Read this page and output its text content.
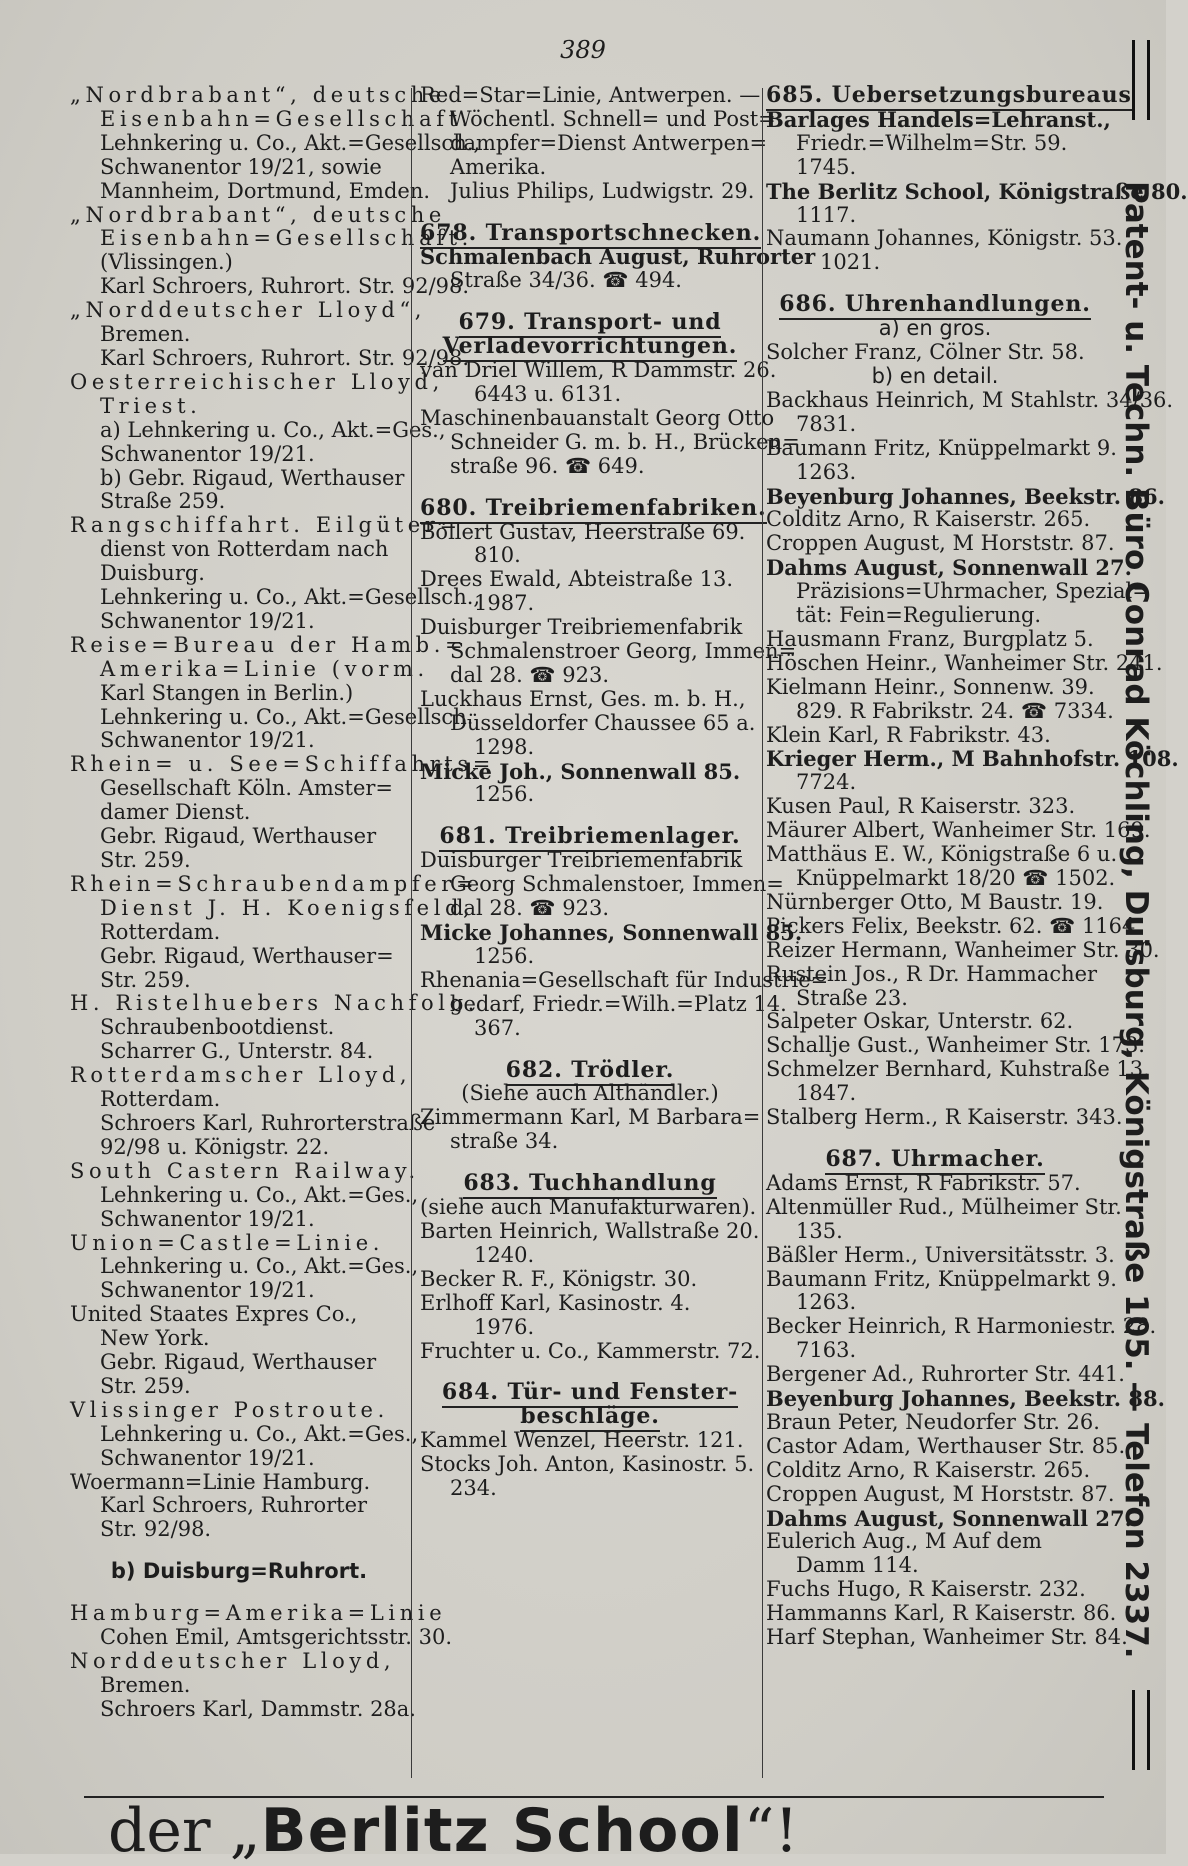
389
„Nordbrabant“, deutsche
Eisenbahn=Gesellschaft.
Lehnkering u. Co., Akt.=Gesellsch.,
Schwanentor 19/21, sowie
Mannheim, Dortmund, Emden.
„Nordbrabant“, deutsche
Eisenbahn=Gesellschaft.
(Vlissingen.)
Karl Schroers, Ruhrort. Str. 92/98.
„Norddeutscher Lloyd“,
Bremen.
Karl Schroers, Ruhrort. Str. 92/98.
Oesterreichischer Lloyd,
Triest.
a) Lehnkering u. Co., Akt.=Ges.,
Schwanentor 19/21.
b) Gebr. Rigaud, Werthauser
Straße 259.
Rangschiffahrt. Eilgüter=
dienst von Rotterdam nach
Duisburg.
Lehnkering u. Co., Akt.=Gesellsch.,
Schwanentor 19/21.
Reise=Bureau der Hamb.=
Amerika=Linie (vorm.
Karl Stangen in Berlin.)
Lehnkering u. Co., Akt.=Gesellsch.
Schwanentor 19/21.
Rhein= u. See=Schiffahrts=
Gesellschaft Köln. Amster=
damer Dienst.
Gebr. Rigaud, Werthauser
Str. 259.
Rhein=Schraubendampfer=
Dienst J. H. Koenigsfeld,
Rotterdam.
Gebr. Rigaud, Werthauser=
Str. 259.
H. Ristelhuebers Nachfolg.
Schraubenbootdienst.
Scharrer G., Unterstr. 84.
Rotterdamscher Lloyd,
Rotterdam.
Schroers Karl, Ruhrorterstraße
92/98 u. Königstr. 22.
South Castern Railway.
Lehnkering u. Co., Akt.=Ges.,
Schwanentor 19/21.
Union=Castle=Linie.
Lehnkering u. Co., Akt.=Ges.,
Schwanentor 19/21.
United Staates Expres Co.,
New York.
Gebr. Rigaud, Werthauser
Str. 259.
Vlissinger Postroute.
Lehnkering u. Co., Akt.=Ges.,
Schwanentor 19/21.
Woermann=Linie Hamburg.
Karl Schroers, Ruhrorter
Str. 92/98.
b) Duisburg=Ruhrort.
Hamburg=Amerika=Linie
Cohen Emil, Amtsgerichtsstr. 30.
Norddeutscher Lloyd,
Bremen.
Schroers Karl, Dammstr. 28a.
Red=Star=Linie, Antwerpen. —
Wöchentl. Schnell= und Post=
dampfer=Dienst Antwerpen=
Amerika.
Julius Philips, Ludwigstr. 29.
678. Transportschnecken.
Schmalenbach August, Ruhrorter
Straße 34/36. ☎ 494.
679. Transport- und
Verladevorrichtungen.
van Driel Willem, R Dammstr. 26.
6443 u. 6131.
Maschinenbauanstalt Georg Otto
Schneider G. m. b. H., Brücken=
straße 96. ☎ 649.
680. Treibriemenfabriken.
Böllert Gustav, Heerstraße 69.
810.
Drees Ewald, Abteistraße 13.
1987.
Duisburger Treibriemenfabrik
Schmalenstroer Georg, Immen=
dal 28. ☎ 923.
Luckhaus Ernst, Ges. m. b. H.,
Düsseldorfer Chaussee 65 a.
1298.
Micke Joh., Sonnenwall 85.
1256.
681. Treibriemenlager.
Duisburger Treibriemenfabrik
Georg Schmalenstoer, Immen=
dal 28. ☎ 923.
Micke Johannes, Sonnenwall 85.
1256.
Rhenania=Gesellschaft für Industrie=
bedarf, Friedr.=Wilh.=Platz 14.
367.
682. Trödler.
(Siehe auch Althändler.)
Zimmermann Karl, M Barbara=
straße 34.
683. Tuchhandlung
(siehe auch Manufakturwaren).
Barten Heinrich, Wallstraße 20.
1240.
Becker R. F., Königstr. 30.
Erlhoff Karl, Kasinostr. 4.
1976.
Fruchter u. Co., Kammerstr. 72.
684. Tür- und Fenster-
beschläge.
Kammel Wenzel, Heerstr. 121.
Stocks Joh. Anton, Kasinostr. 5.
234.
685. Uebersetzungsbureaus
Barlages Handels=Lehranst.,
Friedr.=Wilhelm=Str. 59.
1745.
The Berlitz School, Königstraße 80.
1117.
Naumann Johannes, Königstr. 53.
1021.
686. Uhrenhandlungen.
a) en gros.
Solcher Franz, Cölner Str. 58.
b) en detail.
Backhaus Heinrich, M Stahlstr. 34/36.
7831.
Baumann Fritz, Knüppelmarkt 9.
1263.
Beyenburg Johannes, Beekstr. 86.
Colditz Arno, R Kaiserstr. 265.
Croppen August, M Horststr. 87.
Dahms August, Sonnenwall 27.
Präzisions=Uhrmacher, Spezial=
tät: Fein=Regulierung.
Hausmann Franz, Burgplatz 5.
Höschen Heinr., Wanheimer Str. 241.
Kielmann Heinr., Sonnenw. 39.
829. R Fabrikstr. 24. ☎ 7334.
Klein Karl, R Fabrikstr. 43.
Krieger Herm., M Bahnhofstr. 108.
7724.
Kusen Paul, R Kaiserstr. 323.
Mäurer Albert, Wanheimer Str. 169.
Matthäus E. W., Königstraße 6 u.
Knüppelmarkt 18/20 ☎ 1502.
Nürnberger Otto, M Baustr. 19.
Pickers Felix, Beekstr. 62. ☎ 1164.
Reizer Hermann, Wanheimer Str. 30.
Rustein Jos., R Dr. Hammacher
Straße 23.
Salpeter Oskar, Unterstr. 62.
Schallje Gust., Wanheimer Str. 173.
Schmelzer Bernhard, Kuhstraße 13.
1847.
Stalberg Herm., R Kaiserstr. 343.
687. Uhrmacher.
Adams Ernst, R Fabrikstr. 57.
Altenmüller Rud., Mülheimer Str.
135.
Bäßler Herm., Universitätsstr. 3.
Baumann Fritz, Knüppelmarkt 9.
1263.
Becker Heinrich, R Harmoniestr. 28.
7163.
Bergener Ad., Ruhrorter Str. 441.
Beyenburg Johannes, Beekstr. 88.
Braun Peter, Neudorfer Str. 26.
Castor Adam, Werthauser Str. 85.
Colditz Arno, R Kaiserstr. 265.
Croppen August, M Horststr. 87.
Dahms August, Sonnenwall 27.
Eulerich Aug., M Auf dem
Damm 114.
Fuchs Hugo, R Kaiserstr. 232.
Hammanns Karl, R Kaiserstr. 86.
Harf Stephan, Wanheimer Str. 84.
der „Berlitz School“!
Patent- u. Techn. Büro Conrad Köchling, Duisburg, Königstraße 105. — Telefon 2337.
